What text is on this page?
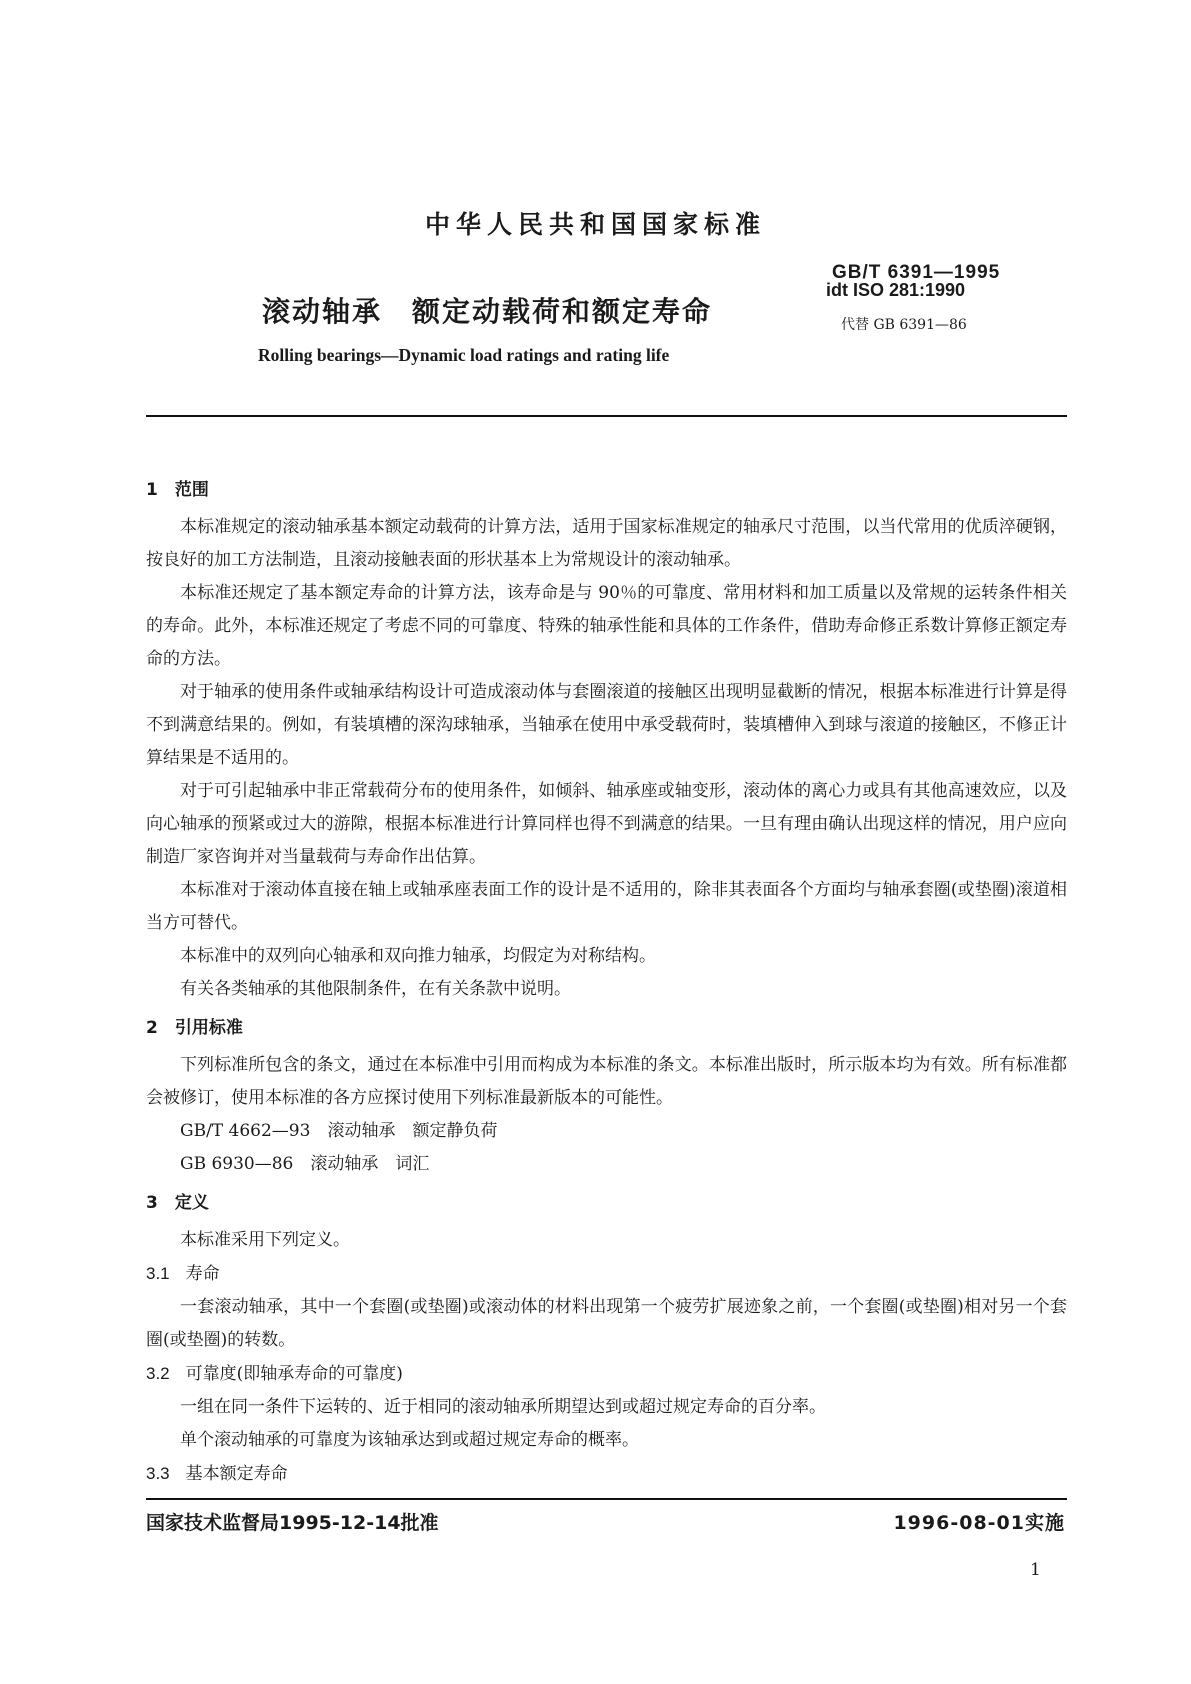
中华人民共和国国家标准
滚动轴承　额定动载荷和额定寿命
Rolling bearings—Dynamic load ratings and rating life
GB/T 6391—1995
idt ISO 281:1990
代替 GB 6391—86

1　范围

本标准规定的滚动轴承基本额定动载荷的计算方法，适用于国家标准规定的轴承尺寸范围，以当代常用的优质淬硬钢，按良好的加工方法制造，且滚动接触表面的形状基本上为常规设计的滚动轴承。

本标准还规定了基本额定寿命的计算方法，该寿命是与 90％的可靠度、常用材料和加工质量以及常规的运转条件相关的寿命。此外，本标准还规定了考虑不同的可靠度、特殊的轴承性能和具体的工作条件，借助寿命修正系数计算修正额定寿命的方法。

对于轴承的使用条件或轴承结构设计可造成滚动体与套圈滚道的接触区出现明显截断的情况，根据本标准进行计算是得不到满意结果的。例如，有装填槽的深沟球轴承，当轴承在使用中承受载荷时，装填槽伸入到球与滚道的接触区，不修正计算结果是不适用的。

对于可引起轴承中非正常载荷分布的使用条件，如倾斜、轴承座或轴变形，滚动体的离心力或具有其他高速效应，以及向心轴承的预紧或过大的游隙，根据本标准进行计算同样也得不到满意的结果。一旦有理由确认出现这样的情况，用户应向制造厂家咨询并对当量载荷与寿命作出估算。

本标准对于滚动体直接在轴上或轴承座表面工作的设计是不适用的，除非其表面各个方面均与轴承套圈(或垫圈)滚道相当方可替代。

本标准中的双列向心轴承和双向推力轴承，均假定为对称结构。

有关各类轴承的其他限制条件，在有关条款中说明。

2　引用标准

下列标准所包含的条文，通过在本标准中引用而构成为本标准的条文。本标准出版时，所示版本均为有效。所有标准都会被修订，使用本标准的各方应探讨使用下列标准最新版本的可能性。

GB/T 4662—93　滚动轴承　额定静负荷

GB 6930—86　滚动轴承　词汇

3　定义

本标准采用下列定义。

3.1 寿命

一套滚动轴承，其中一个套圈(或垫圈)或滚动体的材料出现第一个疲劳扩展迹象之前，一个套圈(或垫圈)相对另一个套圈(或垫圈)的转数。

3.2 可靠度(即轴承寿命的可靠度)

一组在同一条件下运转的、近于相同的滚动轴承所期望达到或超过规定寿命的百分率。

单个滚动轴承的可靠度为该轴承达到或超过规定寿命的概率。

3.3 基本额定寿命

国家技术监督局1995-12-14批准	1996-08-01实施
1
